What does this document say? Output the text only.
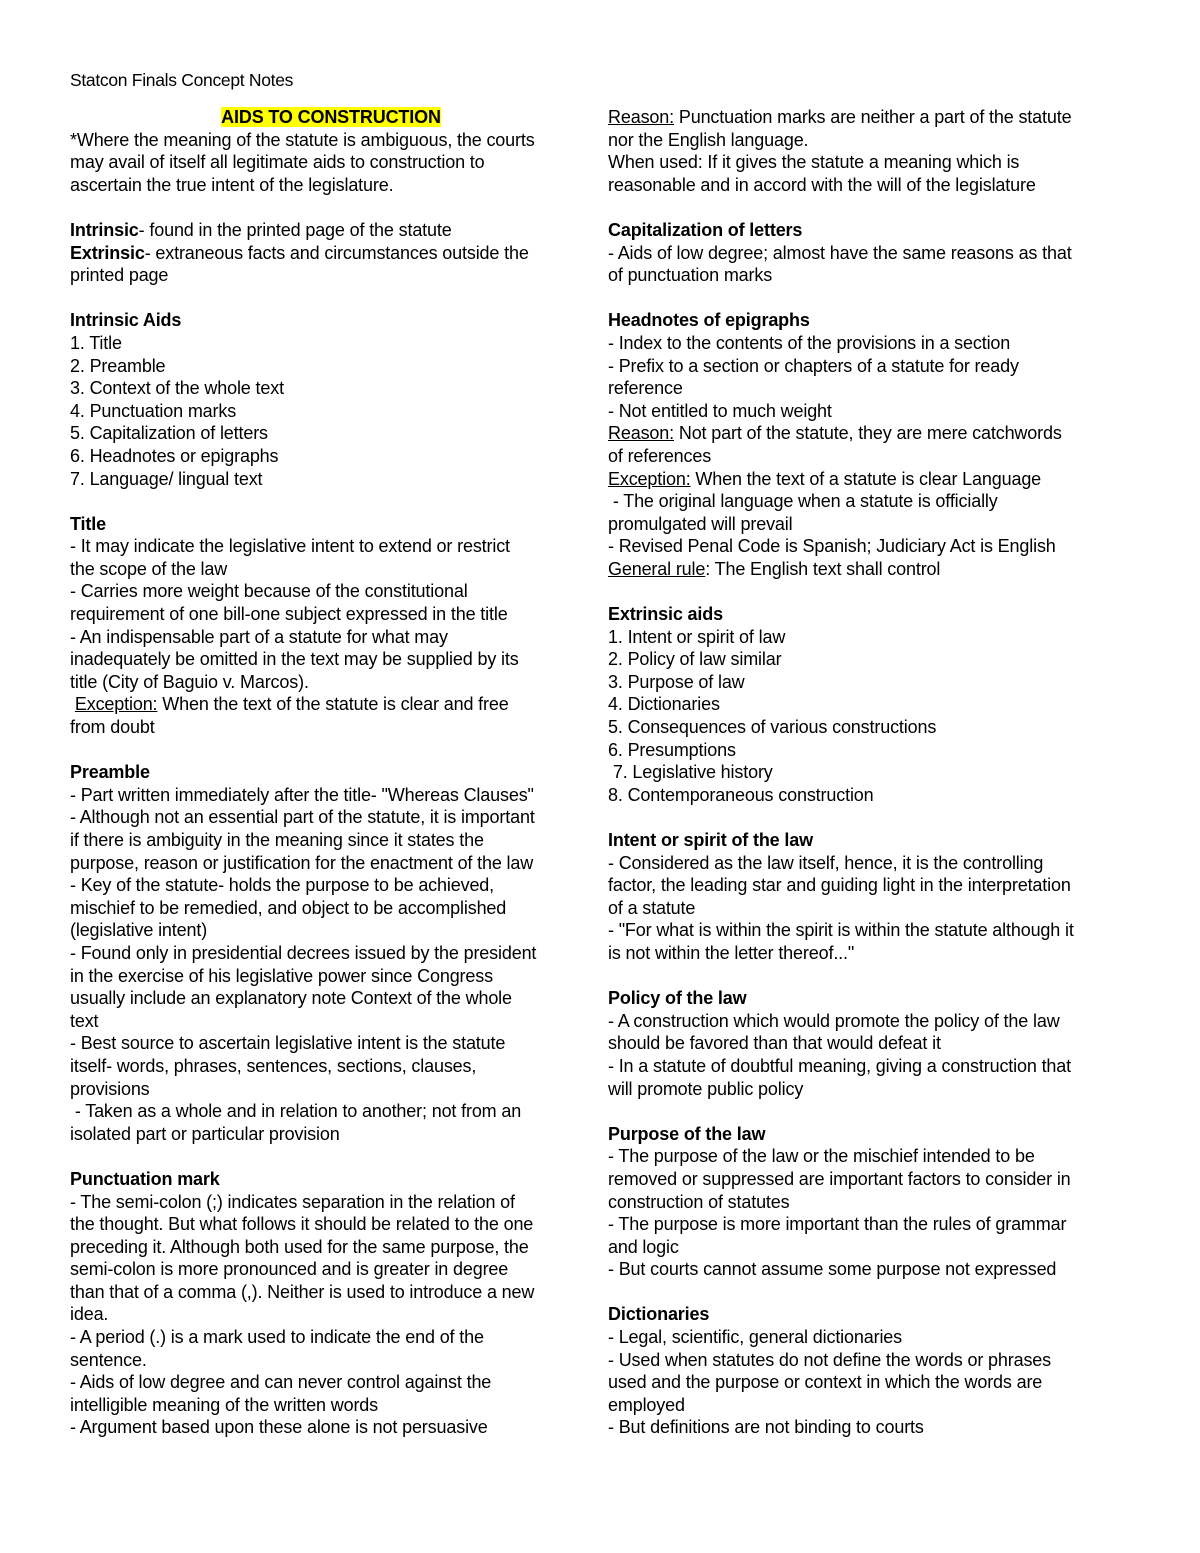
Statcon Finals Concept Notes
AIDS TO CONSTRUCTION
*Where the meaning of the statute is ambiguous, the courts
may avail of itself all legitimate aids to construction to
ascertain the true intent of the legislature.
Intrinsic- found in the printed page of the statute
Extrinsic- extraneous facts and circumstances outside the
printed page
Intrinsic Aids
1. Title
2. Preamble
3. Context of the whole text
4. Punctuation marks
5. Capitalization of letters
6. Headnotes or epigraphs
7. Language/ lingual text
Title
- It may indicate the legislative intent to extend or restrict
the scope of the law
- Carries more weight because of the constitutional
requirement of one bill-one subject expressed in the title
- An indispensable part of a statute for what may
inadequately be omitted in the text may be supplied by its
title (City of Baguio v. Marcos).
Exception: When the text of the statute is clear and free
from doubt
Preamble
- Part written immediately after the title- "Whereas Clauses"
- Although not an essential part of the statute, it is important
if there is ambiguity in the meaning since it states the
purpose, reason or justification for the enactment of the law
- Key of the statute- holds the purpose to be achieved,
mischief to be remedied, and object to be accomplished
(legislative intent)
- Found only in presidential decrees issued by the president
in the exercise of his legislative power since Congress
usually include an explanatory note Context of the whole
text
- Best source to ascertain legislative intent is the statute
itself- words, phrases, sentences, sections, clauses,
provisions
- Taken as a whole and in relation to another; not from an
isolated part or particular provision
Punctuation mark
- The semi-colon (;) indicates separation in the relation of
the thought. But what follows it should be related to the one
preceding it. Although both used for the same purpose, the
semi-colon is more pronounced and is greater in degree
than that of a comma (,). Neither is used to introduce a new
idea.
- A period (.) is a mark used to indicate the end of the
sentence.
- Aids of low degree and can never control against the
intelligible meaning of the written words
- Argument based upon these alone is not persuasive
Reason: Punctuation marks are neither a part of the statute
nor the English language.
When used: If it gives the statute a meaning which is
reasonable and in accord with the will of the legislature
Capitalization of letters
- Aids of low degree; almost have the same reasons as that
of punctuation marks
Headnotes of epigraphs
- Index to the contents of the provisions in a section
- Prefix to a section or chapters of a statute for ready
reference
- Not entitled to much weight
Reason: Not part of the statute, they are mere catchwords
of references
Exception: When the text of a statute is clear Language
- The original language when a statute is officially
promulgated will prevail
- Revised Penal Code is Spanish; Judiciary Act is English
General rule: The English text shall control
Extrinsic aids
1. Intent or spirit of law
2. Policy of law similar
3. Purpose of law
4. Dictionaries
5. Consequences of various constructions
6. Presumptions
7. Legislative history
8. Contemporaneous construction
Intent or spirit of the law
- Considered as the law itself, hence, it is the controlling
factor, the leading star and guiding light in the interpretation
of a statute
- "For what is within the spirit is within the statute although it
is not within the letter thereof..."
Policy of the law
- A construction which would promote the policy of the law
should be favored than that would defeat it
- In a statute of doubtful meaning, giving a construction that
will promote public policy
Purpose of the law
- The purpose of the law or the mischief intended to be
removed or suppressed are important factors to consider in
construction of statutes
- The purpose is more important than the rules of grammar
and logic
- But courts cannot assume some purpose not expressed
Dictionaries
- Legal, scientific, general dictionaries
- Used when statutes do not define the words or phrases
used and the purpose or context in which the words are
employed
- But definitions are not binding to courts
